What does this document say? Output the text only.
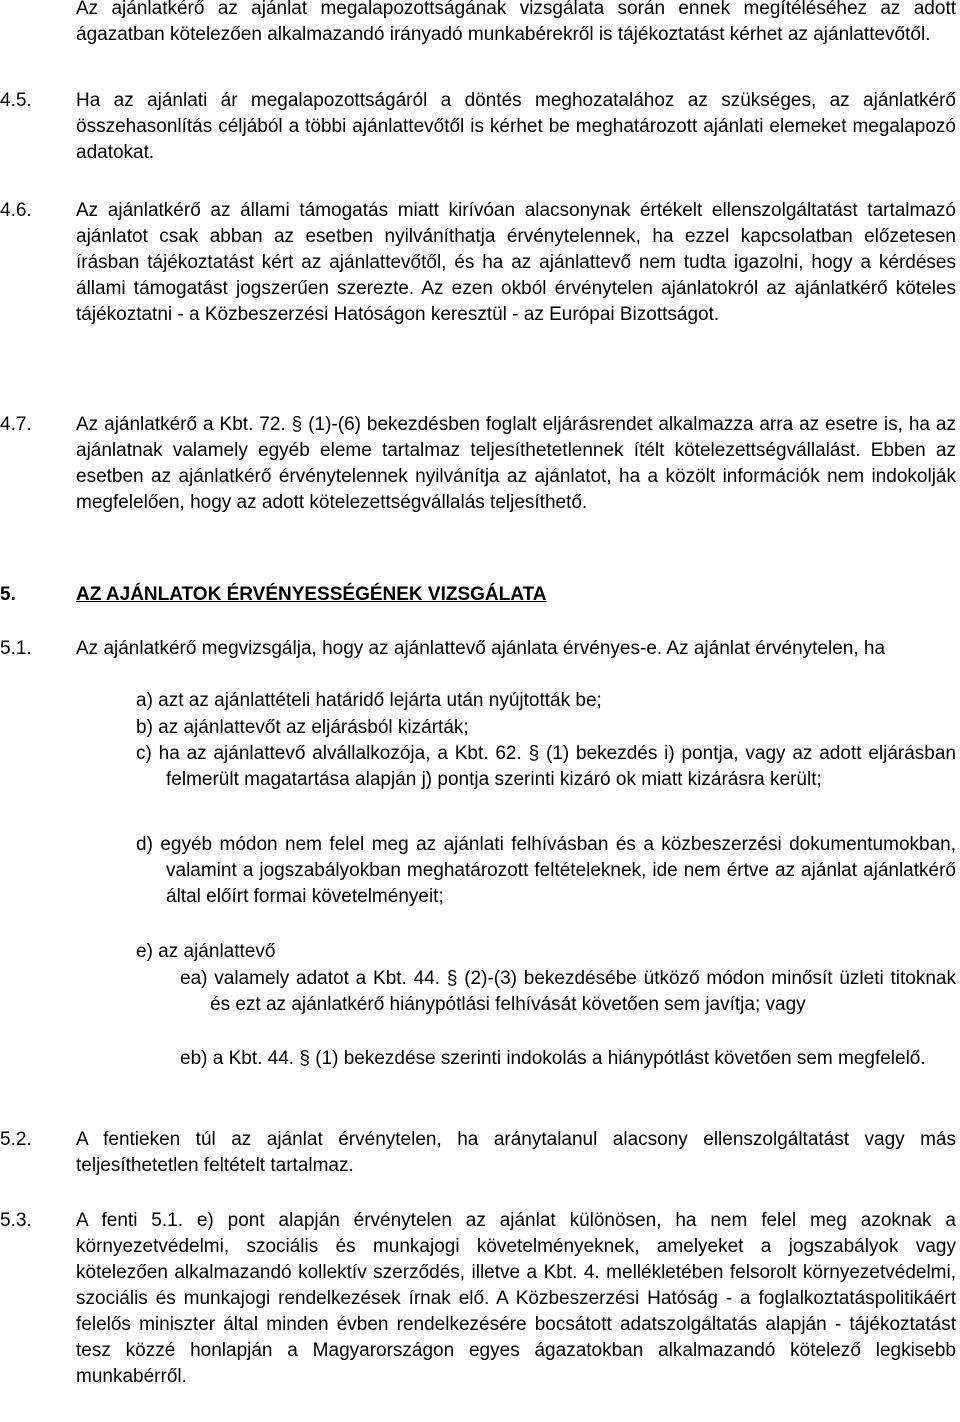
Az ajánlatkérő az ajánlat megalapozottságának vizsgálata során ennek megítéléséhez az adott ágazatban kötelezően alkalmazandó irányadó munkabérekről is tájékoztatást kérhet az ajánlattevőtől.

4.5. Ha az ajánlati ár megalapozottságáról a döntés meghozatalához az szükséges, az ajánlatkérő összehasonlítás céljából a többi ajánlattevőtől is kérhet be meghatározott ajánlati elemeket megalapozó adatokat.

4.6. Az ajánlatkérő az állami támogatás miatt kirívóan alacsonynak értékelt ellenszolgáltatást tartalmazó ajánlatot csak abban az esetben nyilváníthatja érvénytelennek, ha ezzel kapcsolatban előzetesen írásban tájékoztatást kért az ajánlattevőtől, és ha az ajánlattevő nem tudta igazolni, hogy a kérdéses állami támogatást jogszerűen szerezte. Az ezen okból érvénytelen ajánlatokról az ajánlatkérő köteles tájékoztatni - a Közbeszerzési Hatóságon keresztül - az Európai Bizottságot.

4.7. Az ajánlatkérő a Kbt. 72. § (1)-(6) bekezdésben foglalt eljárásrendet alkalmazza arra az esetre is, ha az ajánlatnak valamely egyéb eleme tartalmaz teljesíthetetlennek ítélt kötelezettségvállalást. Ebben az esetben az ajánlatkérő érvénytelennek nyilvánítja az ajánlatot, ha a közölt információk nem indokolják megfelelően, hogy az adott kötelezettségvállalás teljesíthető.

5.	AZ AJÁNLATOK ÉRVÉNYESSÉGÉNEK VIZSGÁLATA

5.1. Az ajánlatkérő megvizsgálja, hogy az ajánlattevő ajánlata érvényes-e. Az ajánlat érvénytelen, ha

a) azt az ajánlattételi határidő lejárta után nyújtották be;

b) az ajánlattevőt az eljárásból kizárták;

c) ha az ajánlattevő alvállalkozója, a Kbt. 62. § (1) bekezdés i) pontja, vagy az adott eljárásban felmerült magatartása alapján j) pontja szerinti kizáró ok miatt kizárásra került;

d) egyéb módon nem felel meg az ajánlati felhívásban és a közbeszerzési dokumentumokban, valamint a jogszabályokban meghatározott feltételeknek, ide nem értve az ajánlat ajánlatkérő által előírt formai követelményeit;

e) az ajánlattevő

ea) valamely adatot a Kbt. 44. § (2)-(3) bekezdésébe ütköző módon minősít üzleti titoknak és ezt az ajánlatkérő hiánypótlási felhívását követően sem javítja; vagy

eb) a Kbt. 44. § (1) bekezdése szerinti indokolás a hiánypótlást követően sem megfelelő.

5.2. A fentieken túl az ajánlat érvénytelen, ha aránytalanul alacsony ellenszolgáltatást vagy más teljesíthetetlen feltételt tartalmaz.

5.3. A fenti 5.1. e) pont alapján érvénytelen az ajánlat különösen, ha nem felel meg azoknak a környezetvédelmi, szociális és munkajogi követelményeknek, amelyeket a jogszabályok vagy kötelezően alkalmazandó kollektív szerződés, illetve a Kbt. 4. mellékletében felsorolt környezetvédelmi, szociális és munkajogi rendelkezések írnak elő. A Közbeszerzési Hatóság - a foglalkoztatáspolitikáért felelős miniszter által minden évben rendelkezésére bocsátott adatszolgáltatás alapján - tájékoztatást tesz közzé honlapján a Magyarországon egyes ágazatokban alkalmazandó kötelező legkisebb munkabérről.
